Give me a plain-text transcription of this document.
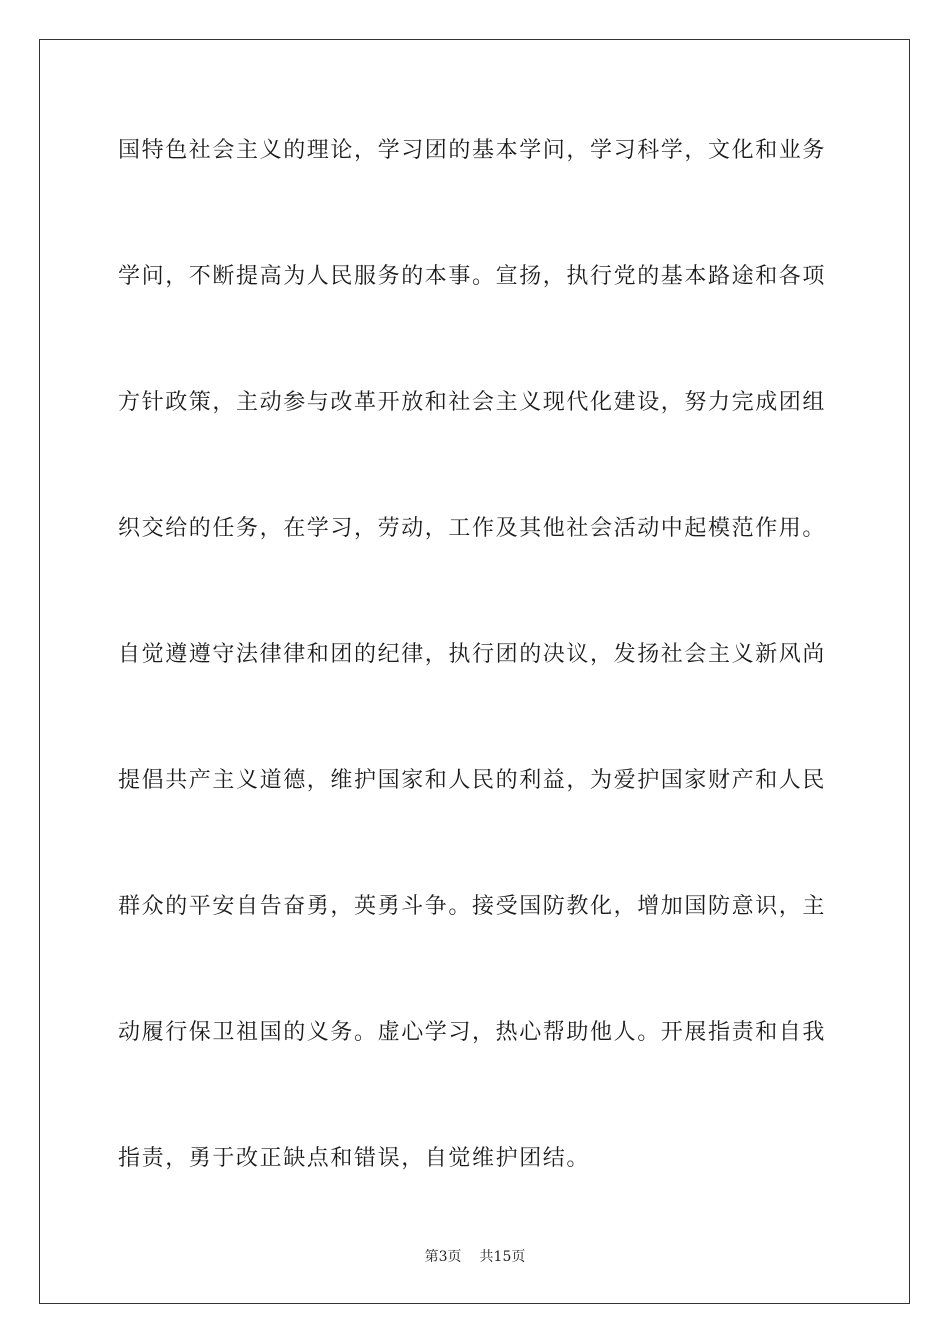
国特色社会主义的理论，学习团的基本学问，学习科学，文化和业务
学问，不断提高为人民服务的本事。宣扬，执行党的基本路途和各项
方针政策，主动参与改革开放和社会主义现代化建设，努力完成团组
织交给的任务，在学习，劳动，工作及其他社会活动中起模范作用。
自觉遵遵守法律律和团的纪律，执行团的决议，发扬社会主义新风尚
提倡共产主义道德，维护国家和人民的利益，为爱护国家财产和人民
群众的平安自告奋勇，英勇斗争。接受国防教化，增加国防意识，主
动履行保卫祖国的义务。虚心学习，热心帮助他人。开展指责和自我
指责，勇于改正缺点和错误，自觉维护团结。
第3页 共15页
